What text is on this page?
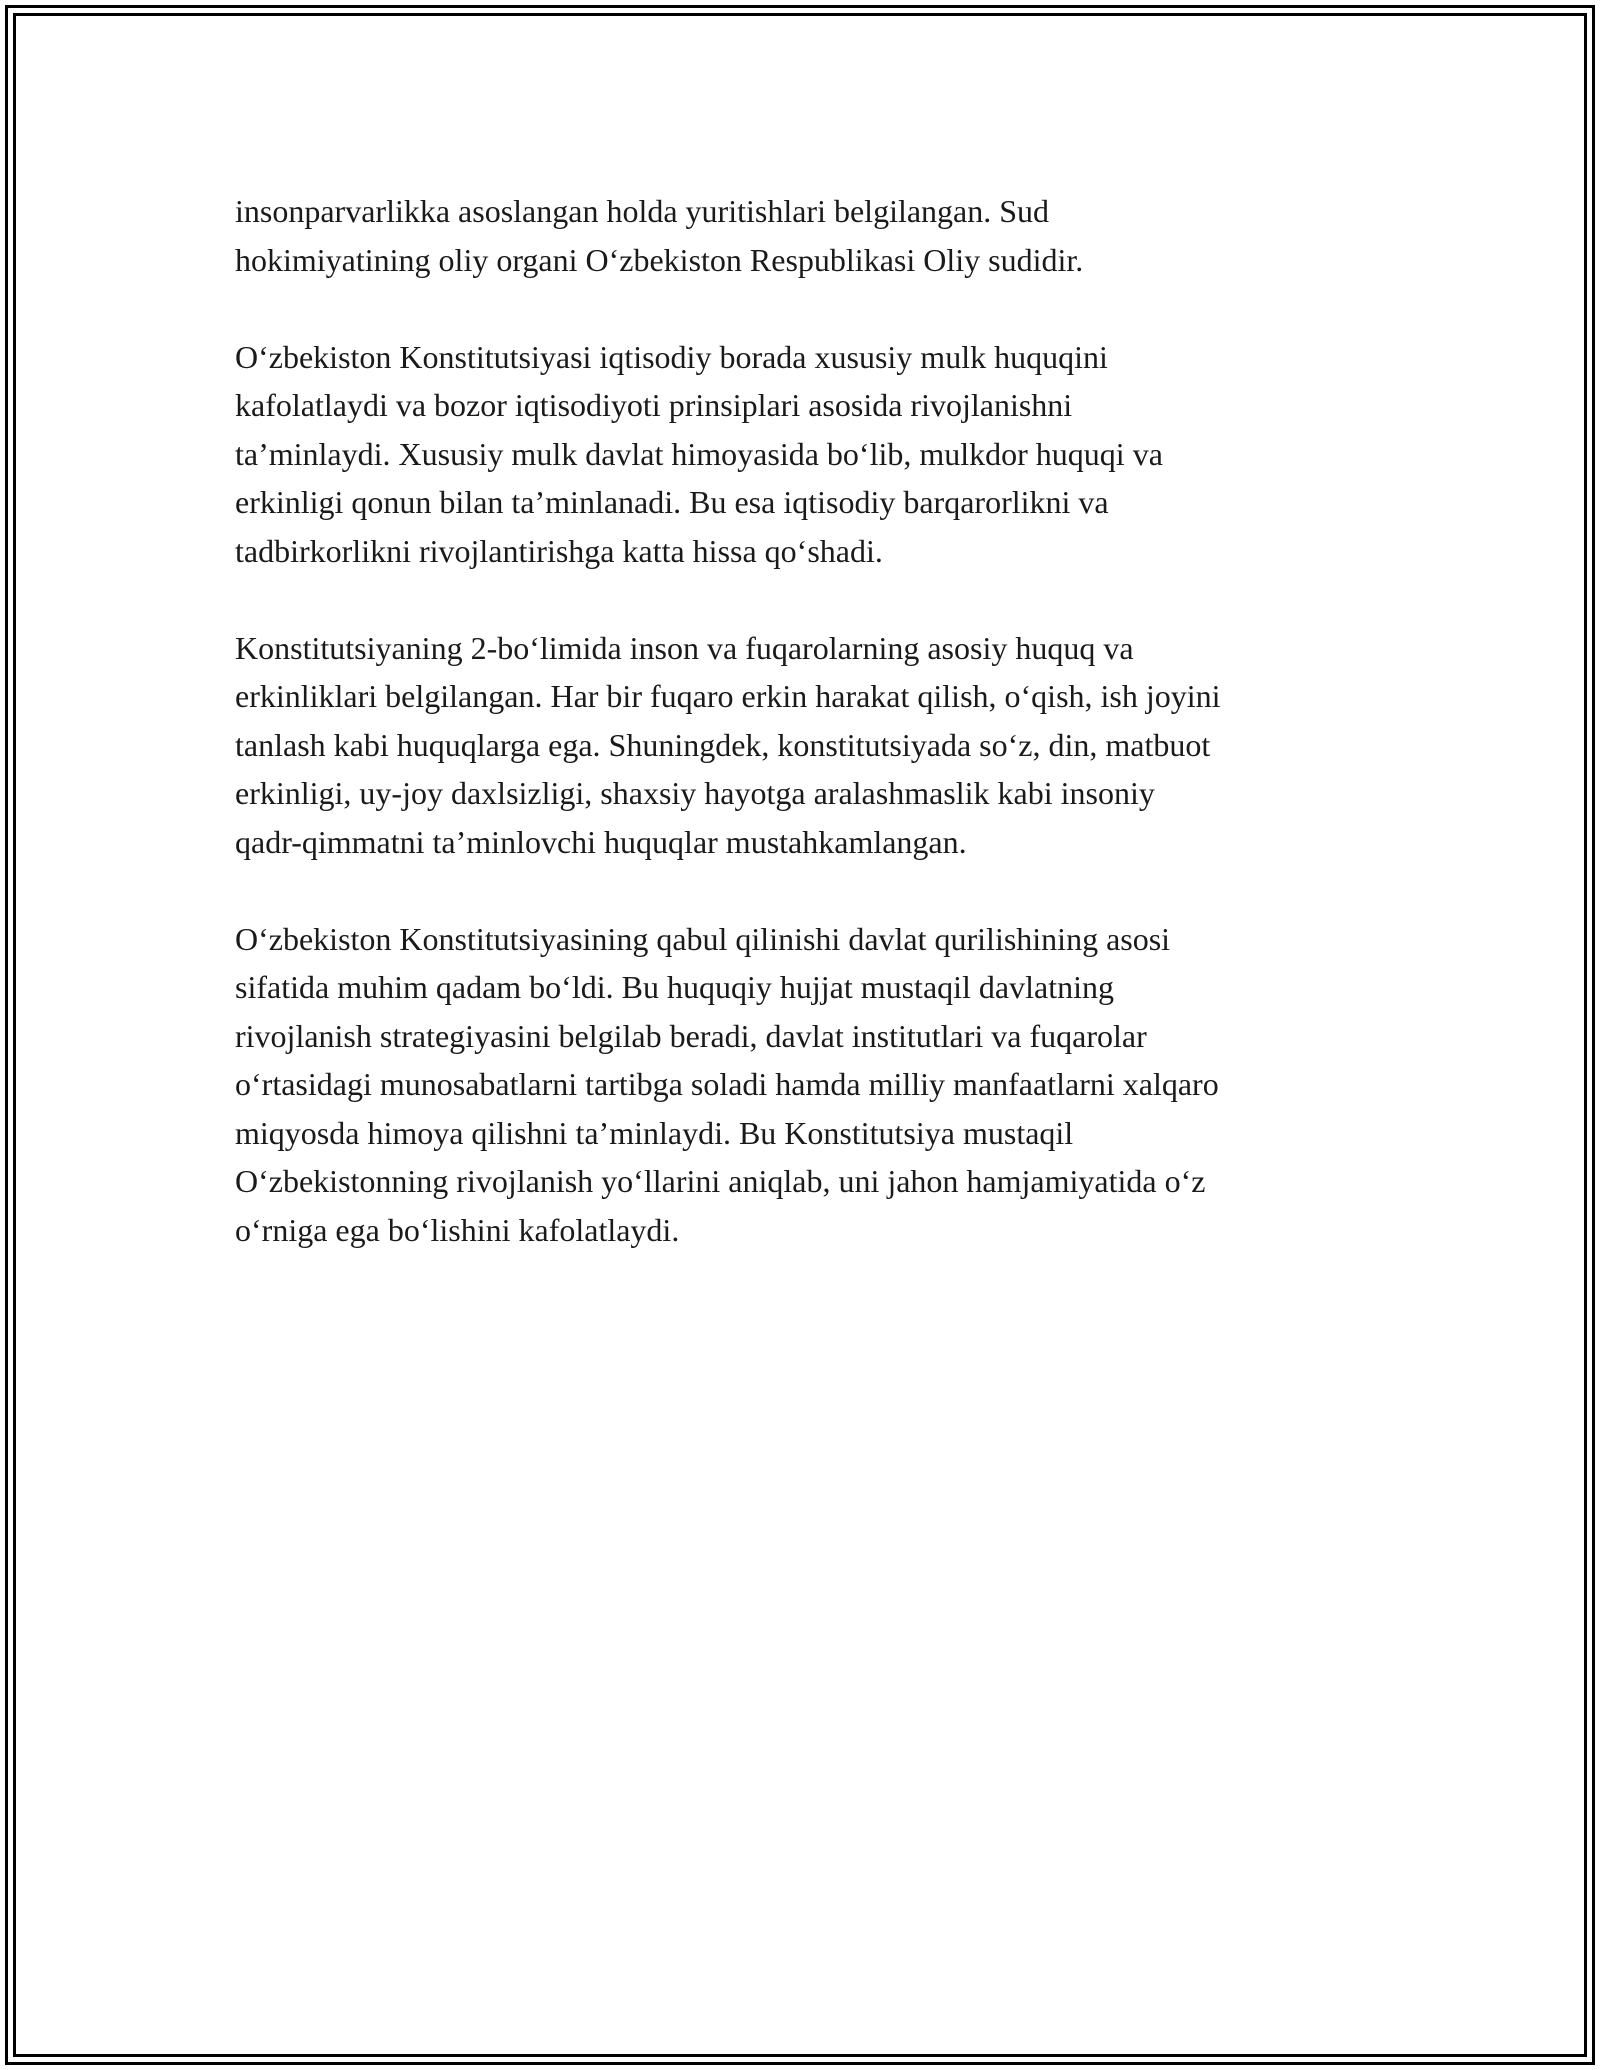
insonparvarlikka asoslangan holda yuritishlari belgilangan. Sud
hokimiyatining oliy organi Oʻzbekiston Respublikasi Oliy sudidir.

Oʻzbekiston Konstitutsiyasi iqtisodiy borada xususiy mulk huquqini
kafolatlaydi va bozor iqtisodiyoti prinsiplari asosida rivojlanishni
taʼminlaydi. Xususiy mulk davlat himoyasida boʻlib, mulkdor huquqi va
erkinligi qonun bilan taʼminlanadi. Bu esa iqtisodiy barqarorlikni va
tadbirkorlikni rivojlantirishga katta hissa qoʻshadi.

Konstitutsiyaning 2-boʻlimida inson va fuqarolarning asosiy huquq va
erkinliklari belgilangan. Har bir fuqaro erkin harakat qilish, oʻqish, ish joyini
tanlash kabi huquqlarga ega. Shuningdek, konstitutsiyada soʻz, din, matbuot
erkinligi, uy-joy daxlsizligi, shaxsiy hayotga aralashmaslik kabi insoniy
qadr-qimmatni taʼminlovchi huquqlar mustahkamlangan.

Oʻzbekiston Konstitutsiyasining qabul qilinishi davlat qurilishining asosi
sifatida muhim qadam boʻldi. Bu huquqiy hujjat mustaqil davlatning
rivojlanish strategiyasini belgilab beradi, davlat institutlari va fuqarolar
oʻrtasidagi munosabatlarni tartibga soladi hamda milliy manfaatlarni xalqaro
miqyosda himoya qilishni taʼminlaydi. Bu Konstitutsiya mustaqil
Oʻzbekistonning rivojlanish yoʻllarini aniqlab, uni jahon hamjamiyatida oʻz
oʻrniga ega boʻlishini kafolatlaydi.
